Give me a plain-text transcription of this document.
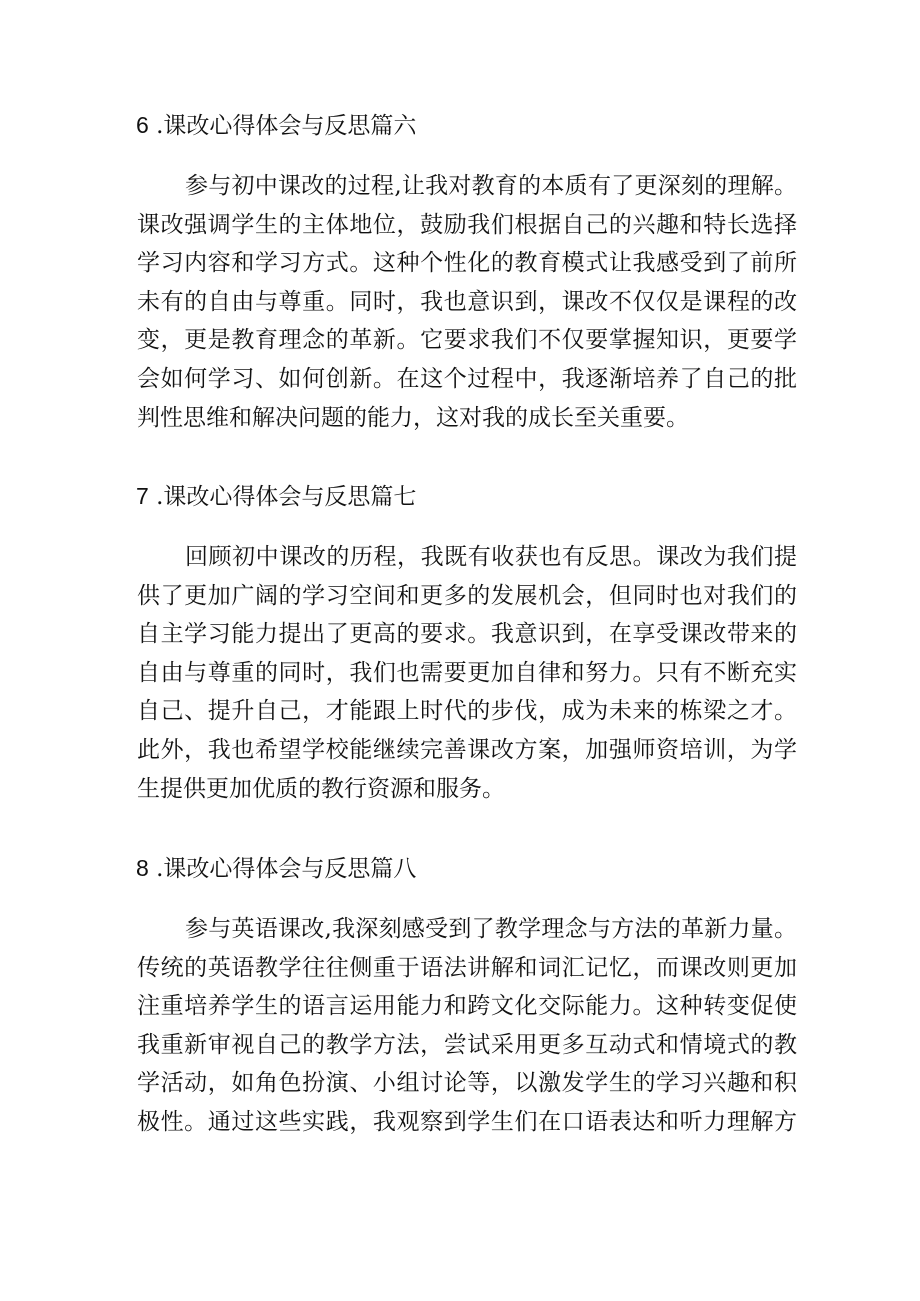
6 .课改心得体会与反思篇六
参与初中课改的过程,让我对教育的本质有了更深刻的理解。
课改强调学生的主体地位，鼓励我们根据自己的兴趣和特长选择
学习内容和学习方式。这种个性化的教育模式让我感受到了前所
未有的自由与尊重。同时，我也意识到，课改不仅仅是课程的改
变，更是教育理念的革新。它要求我们不仅要掌握知识，更要学
会如何学习、如何创新。在这个过程中，我逐渐培养了自己的批
判性思维和解决问题的能力，这对我的成长至关重要。
7 .课改心得体会与反思篇七
回顾初中课改的历程，我既有收获也有反思。课改为我们提
供了更加广阔的学习空间和更多的发展机会，但同时也对我们的
自主学习能力提出了更高的要求。我意识到，在享受课改带来的
自由与尊重的同时，我们也需要更加自律和努力。只有不断充实
自己、提升自己，才能跟上时代的步伐，成为未来的栋梁之才。
此外，我也希望学校能继续完善课改方案，加强师资培训，为学
生提供更加优质的教行资源和服务。
8 .课改心得体会与反思篇八
参与英语课改,我深刻感受到了教学理念与方法的革新力量。
传统的英语教学往往侧重于语法讲解和词汇记忆，而课改则更加
注重培养学生的语言运用能力和跨文化交际能力。这种转变促使
我重新审视自己的教学方法，尝试采用更多互动式和情境式的教
学活动，如角色扮演、小组讨论等，以激发学生的学习兴趣和积
极性。通过这些实践，我观察到学生们在口语表达和听力理解方
